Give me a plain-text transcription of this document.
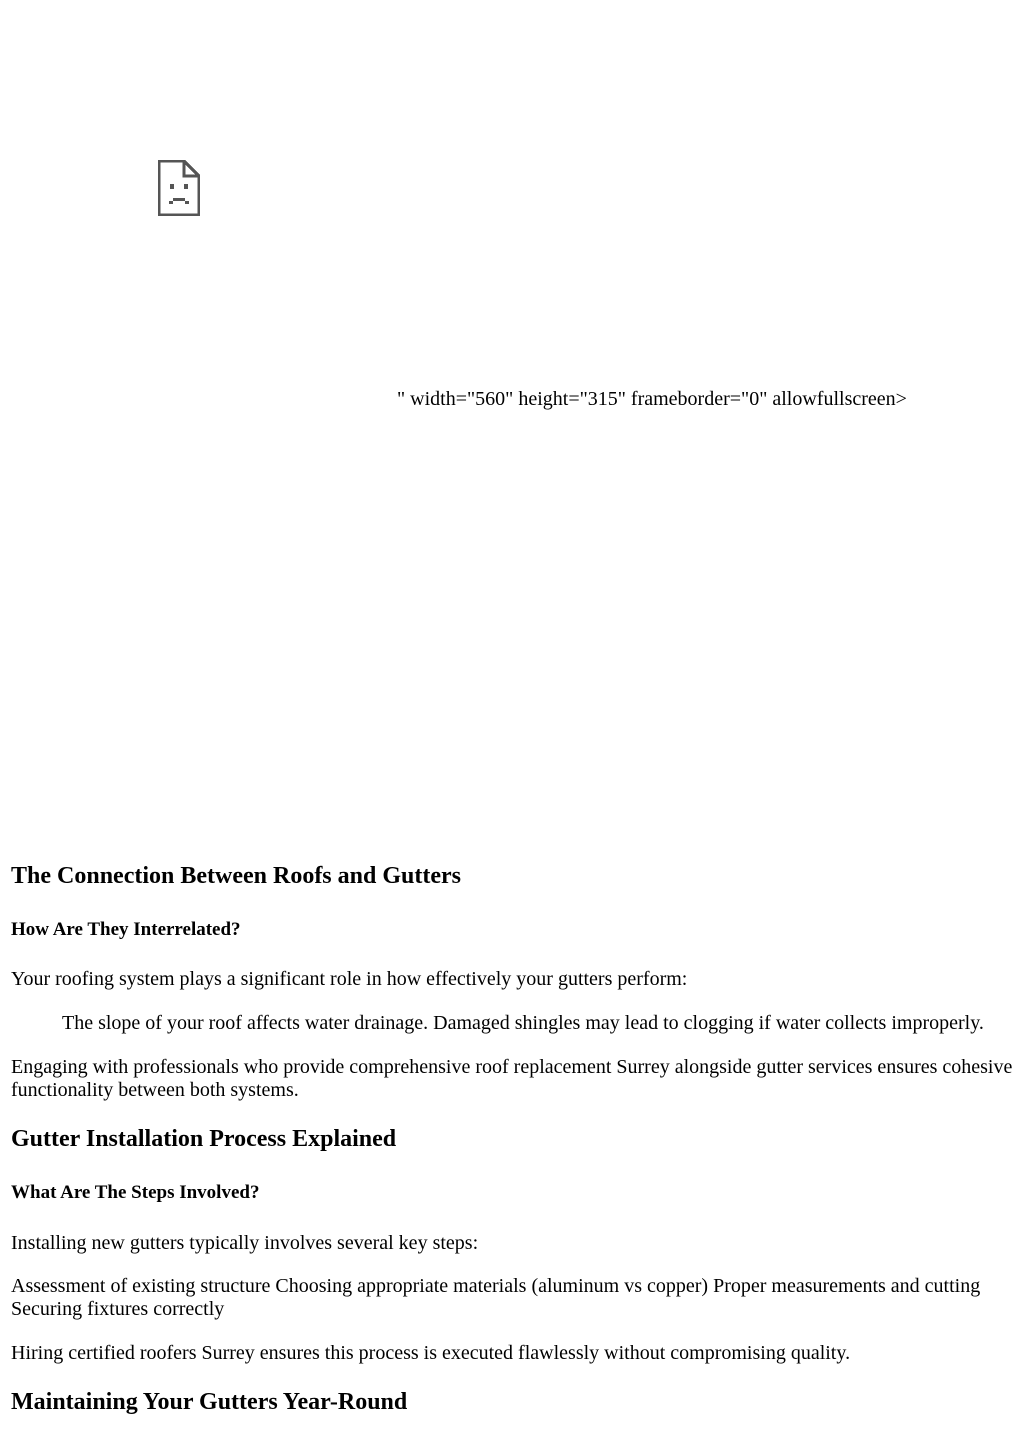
" width="560" height="315" frameborder="0" allowfullscreen>
The Connection Between Roofs and Gutters
How Are They Interrelated?

Your roofing system plays a significant role in how effectively your gutters perform:

The slope of your roof affects water drainage. Damaged shingles may lead to clogging if water collects improperly.

Engaging with professionals who provide comprehensive roof replacement Surrey alongside gutter services ensures cohesive functionality between both systems.

Gutter Installation Process Explained
What Are The Steps Involved?

Installing new gutters typically involves several key steps:

Assessment of existing structure Choosing appropriate materials (aluminum vs copper) Proper measurements and cutting Securing fixtures correctly

Hiring certified roofers Surrey ensures this process is executed flawlessly without compromising quality.

Maintaining Your Gutters Year-Round
